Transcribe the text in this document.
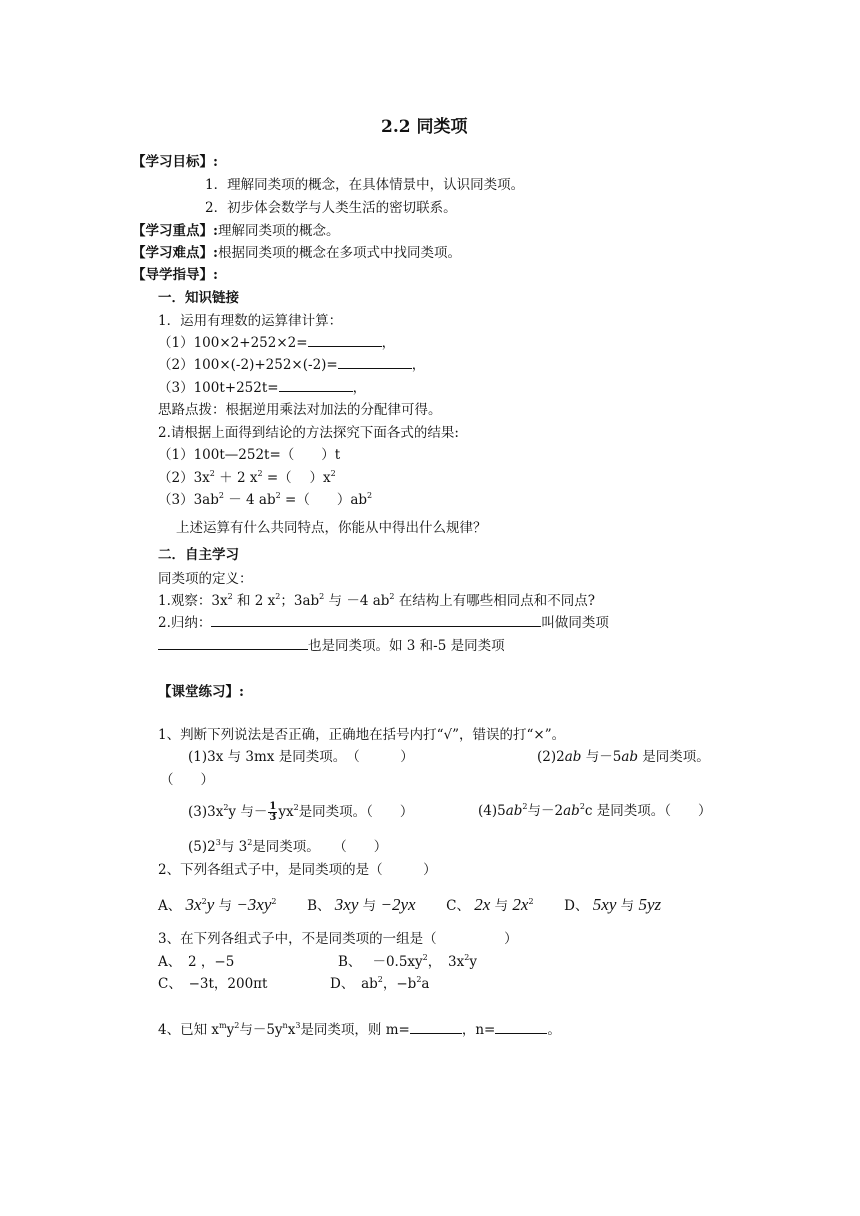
2.2 同类项
【学习目标】:
1．理解同类项的概念，在具体情景中，认识同类项。
2．初步体会数学与人类生活的密切联系。
【学习重点】:理解同类项的概念。
【学习难点】:根据同类项的概念在多项式中找同类项。
【导学指导】:
一．知识链接
1．运用有理数的运算律计算：
（1）100×2+252×2=	，
（2）100×(-2)+252×(-2)=	，
（3）100t+252t=	，
思路点拨：根据逆用乘法对加法的分配律可得。
2.请根据上面得到结论的方法探究下面各式的结果:
（1）100t—252t=（　　）t
$(2)3x^2 + 2$ $x^2$ =（　 ）$x^2$
$(3)3ab^2 - 4$ $ab^2$ =（　　）$ab^2$
上述运算有什么共同特点，你能从中得出什么规律？
二．自主学习
同类项的定义：
1.观察：$3x^2$ 和 2 $x^2$；$3ab^2$ 与 －4 $ab^2$ 在结构上有哪些相同点和不同点?
2.归纳：	叫做同类项
也是同类项。如 3 和-5 是同类项
【课堂练习】:
1、判断下列说法是否正确，正确地在括号内打“√”，错误的打“×”。
(1)3x 与 3mx 是同类项。　（　　　）	(2)2ab 与－5ab 是同类项。
（　　）
$(3)3x^2y$ 与－ $\frac{1}{3} yx^2$是同类项。（　　）	$(4)5ab^2$与$-2ab^2c$ 是同类项。（　　）
$(5)2^3$与 $3^2$是同类项。　　（　　）
2、下列各组式子中，是同类项的是（　　　）
A、 $3x^2y$ 与 $-3xy^2$ B、 3xy 与 −2yx C、 2x 与 $2x^2$ D、 5xy 与 5yz
3、在下列各组式子中，不是同类项的一组是（　　　　　）
A、　2 ，−5	B、　 $-0.5xy^2$，　$3x^2y$
C、　−3t，200πt	D、　$ab^2$，$-b^2a$
4、已知 $x^my^2$与$-5y^nx^3$是同类项，则 m=	，n=	。
